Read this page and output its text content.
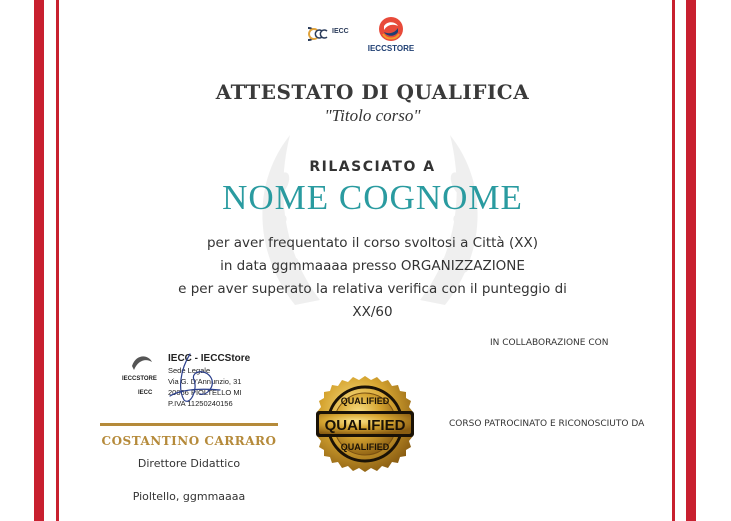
IECC
IECCSTORE
ATTESTATO DI QUALIFICA
"Titolo corso"
RILASCIATO A
NOME COGNOME
per aver frequentato il corso svoltosi a Città (XX)
in data ggmmaaaa presso ORGANIZZAZIONE
e per aver superato la relativa verifica con il punteggio di
XX/60
IN COLLABORAZIONE CON
CORSO PATROCINATO E RICONOSCIUTO DA
IECCSTORE
IECC
IECC - IECCStore
Sede Legale
Via G. D'Annunzio, 31
20066 PIOLTELLO MI
P.IVA 11250240156
COSTANTINO CARRARO
Direttore Didattico
Pioltello, ggmmaaaa
QUALIFIED
QUALIFIED
QUALIFIED
